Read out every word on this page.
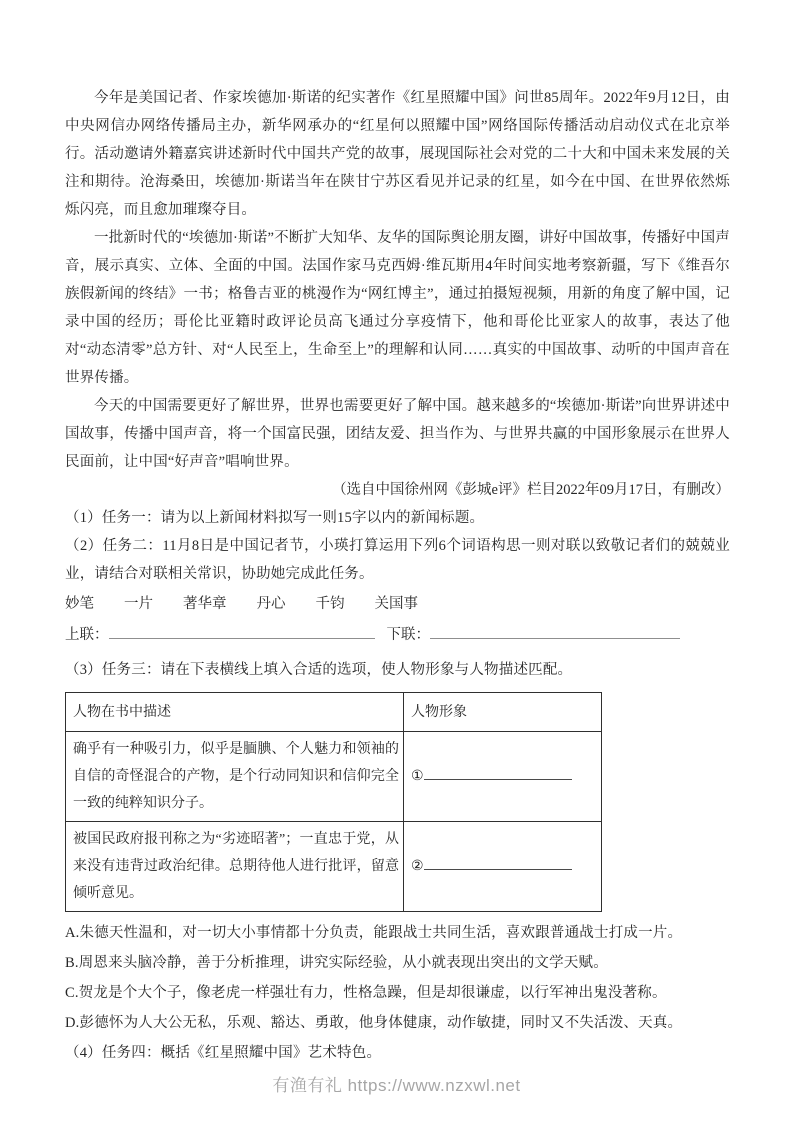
今年是美国记者、作家埃德加·斯诺的纪实著作《红星照耀中国》问世85周年。2022年9月12日，由中央网信办网络传播局主办，新华网承办的“红星何以照耀中国”网络国际传播活动启动仪式在北京举行。活动邀请外籍嘉宾讲述新时代中国共产党的故事，展现国际社会对党的二十大和中国未来发展的关注和期待。沧海桑田，埃德加·斯诺当年在陕甘宁苏区看见并记录的红星，如今在中国、在世界依然烁烁闪亮，而且愈加璀璨夺目。

一批新时代的“埃德加·斯诺”不断扩大知华、友华的国际舆论朋友圈，讲好中国故事，传播好中国声音，展示真实、立体、全面的中国。法国作家马克西姆·维瓦斯用4年时间实地考察新疆，写下《维吾尔族假新闻的终结》一书；格鲁吉亚的桃漫作为“网红博主”，通过拍摄短视频，用新的角度了解中国，记录中国的经历；哥伦比亚籍时政评论员高飞通过分享疫情下，他和哥伦比亚家人的故事，表达了他对“动态清零”总方针、对“人民至上，生命至上”的理解和认同……真实的中国故事、动听的中国声音在世界传播。

今天的中国需要更好了解世界，世界也需要更好了解中国。越来越多的“埃德加·斯诺”向世界讲述中国故事，传播中国声音，将一个国富民强，团结友爱、担当作为、与世界共赢的中国形象展示在世界人民面前，让中国“好声音”唱响世界。

（选自中国徐州网《彭城e评》栏目2022年09月17日，有删改）

（1）任务一：请为以上新闻材料拟写一则15字以内的新闻标题。

（2）任务二：11月8日是中国记者节，小瑛打算运用下列6个词语构思一则对联以致敬记者们的兢兢业业，请结合对联相关常识，协助她完成此任务。

妙笔 一片 著华章 丹心 千钧 关国事
上联：	下联：

（3）任务三：请在下表横线上填入合适的选项，使人物形象与人物描述匹配。

人物在书中描述	人物形象
确乎有一种吸引力，似乎是腼腆、个人魅力和领袖的自信的奇怪混合的产物，是个行动同知识和信仰完全一致的纯粹知识分子。	①
被国民政府报刊称之为“劣迹昭著”；一直忠于党，从来没有违背过政治纪律。总期待他人进行批评，留意倾听意见。	②

A.朱德天性温和，对一切大小事情都十分负责，能跟战士共同生活，喜欢跟普通战士打成一片。

B.周恩来头脑冷静，善于分析推理，讲究实际经验，从小就表现出突出的文学天赋。

C.贺龙是个大个子，像老虎一样强壮有力，性格急躁，但是却很谦虚，以行军神出鬼没著称。

D.彭德怀为人大公无私，乐观、豁达、勇敢，他身体健康，动作敏捷，同时又不失活泼、天真。

（4）任务四：概括《红星照耀中国》艺术特色。

有渔有礼 https://www.nzxwl.net
